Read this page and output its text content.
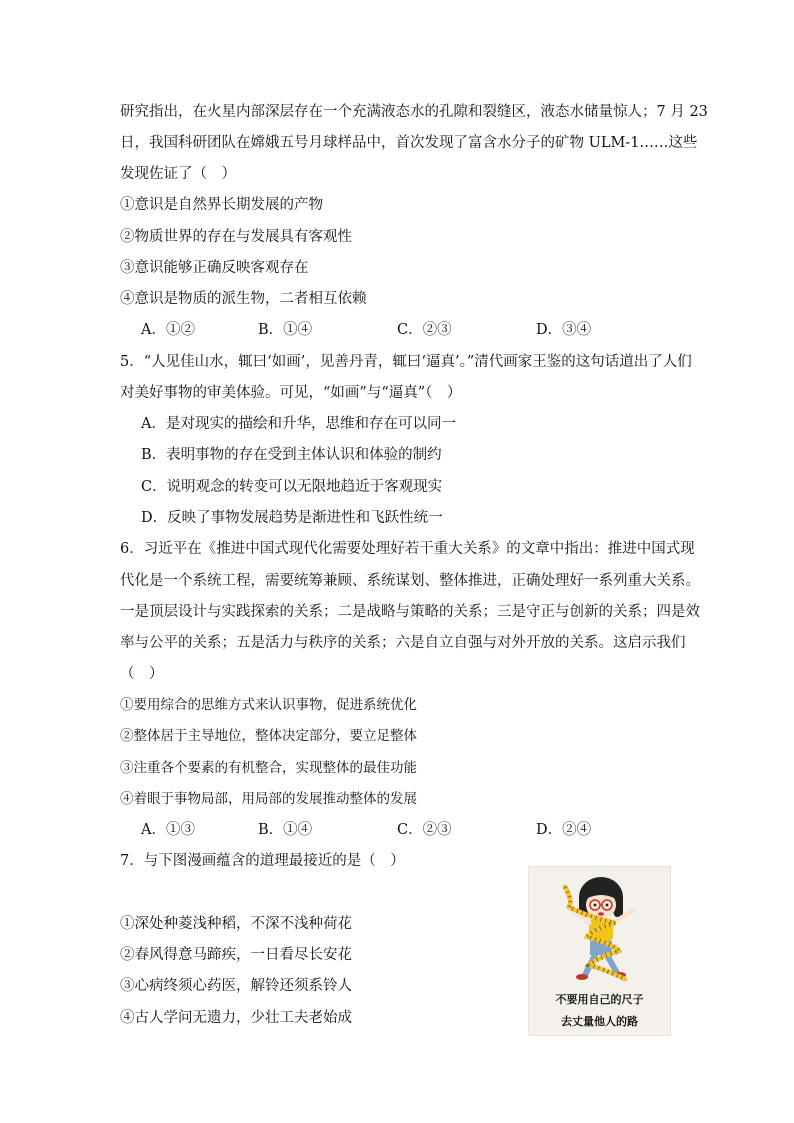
研究指出，在火星内部深层存在一个充满液态水的孔隙和裂缝区，液态水储量惊人；7 月 23
日，我国科研团队在嫦娥五号月球样品中，首次发现了富含水分子的矿物 ULM-1……这些
发现佐证了（　）
①意识是自然界长期发展的产物
②物质世界的存在与发展具有客观性
③意识能够正确反映客观存在
④意识是物质的派生物，二者相互依赖
A．①②	B．①④	C．②③	D．③④
5．“人见佳山水，辄曰‘如画’，见善丹青，辄曰‘逼真’。”清代画家王鉴的这句话道出了人们
对美好事物的审美体验。可见，“如画”与“逼真”（　）
A．是对现实的描绘和升华，思维和存在可以同一
B．表明事物的存在受到主体认识和体验的制约
C．说明观念的转变可以无限地趋近于客观现实
D．反映了事物发展趋势是渐进性和飞跃性统一
6．习近平在《推进中国式现代化需要处理好若干重大关系》的文章中指出：推进中国式现
代化是一个系统工程，需要统筹兼顾、系统谋划、整体推进，正确处理好一系列重大关系。
一是顶层设计与实践探索的关系；二是战略与策略的关系；三是守正与创新的关系；四是效
率与公平的关系；五是活力与秩序的关系；六是自立自强与对外开放的关系。这启示我们
（　）
①要用综合的思维方式来认识事物，促进系统优化
②整体居于主导地位，整体决定部分，要立足整体
③注重各个要素的有机整合，实现整体的最佳功能
④着眼于事物局部，用局部的发展推动整体的发展
A．①③	B．①④	C．②③	D．②④
7．与下图漫画蕴含的道理最接近的是（　）
①深处种菱浅种稻，不深不浅种荷花
②春风得意马蹄疾，一日看尽长安花
③心病终须心药医，解铃还须系铃人
④古人学问无遗力，少壮工夫老始成
不要用自己的尺子
去丈量他人的路
